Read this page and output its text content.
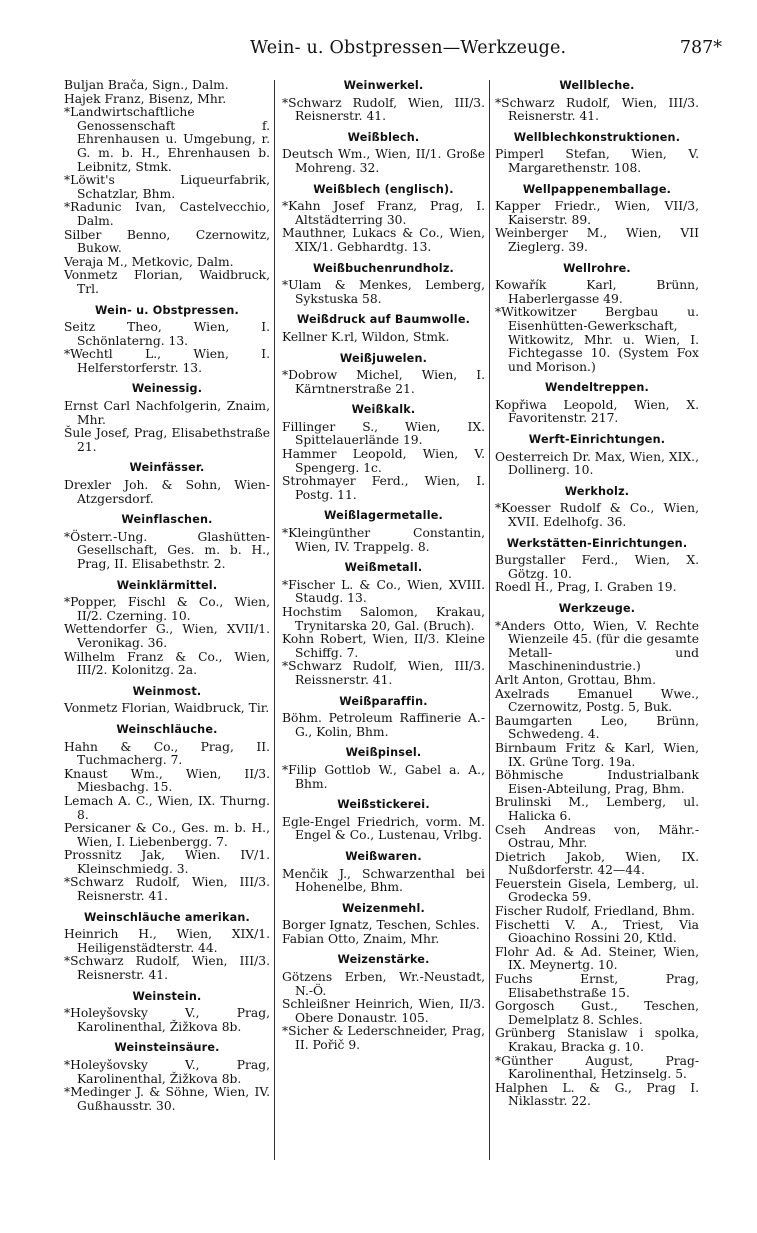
Wein- u. Obstpressen—Werkzeuge.	787*
Buljan Brača, Sign., Dalm.
Hajek Franz, Bisenz, Mhr.
*Landwirtschaftliche Genossenschaft f. Ehrenhausen u. Umgebung, r. G. m. b. H., Ehrenhausen b. Leibnitz, Stmk.
*Löwit's Liqueurfabrik, Schatzlar, Bhm.
*Radunic Ivan, Castelvecchio, Dalm.
Silber Benno, Czernowitz, Bukow.
Veraja M., Metkovic, Dalm.
Vonmetz Florian, Waidbruck, Trl.
Wein- u. Obstpressen.
Seitz Theo, Wien, I. Schönlaterng. 13.
*Wechtl L., Wien, I. Helferstorferstr. 13.
Weinessig.
Ernst Carl Nachfolgerin, Znaim, Mhr.
Šule Josef, Prag, Elisabethstraße 21.
Weinfässer.
Drexler Joh. & Sohn, Wien-Atzgersdorf.
Weinflaschen.
*Österr.-Ung. Glashütten-Gesellschaft, Ges. m. b. H., Prag, II. Elisabethstr. 2.
Weinklärmittel.
*Popper, Fischl & Co., Wien, II/2. Czerning. 10.
Wettendorfer G., Wien, XVII/1. Veronikag. 36.
Wilhelm Franz & Co., Wien, III/2. Kolonitzg. 2a.
Weinmost.
Vonmetz Florian, Waidbruck, Tir.
Weinschläuche.
Hahn & Co., Prag, II. Tuchmacherg. 7.
Knaust Wm., Wien, II/3. Miesbachg. 15.
Lemach A. C., Wien, IX. Thurng. 8.
Persicaner & Co., Ges. m. b. H., Wien, I. Liebenbergg. 7.
Prossnitz Jak, Wien. IV/1. Kleinschmiedg. 3.
*Schwarz Rudolf, Wien, III/3. Reisnerstr. 41.
Weinschläuche amerikan.
Heinrich H., Wien, XIX/1. Heiligenstädterstr. 44.
*Schwarz Rudolf, Wien, III/3. Reisnerstr. 41.
Weinstein.
*Holeyšovsky V., Prag, Karolinenthal, Žižkova 8b.
Weinsteinsäure.
*Holeyšovsky V., Prag, Karolinenthal, Žižkova 8b.
*Medinger J. & Söhne, Wien, IV. Gußhausstr. 30.
Weinwerkel.
*Schwarz Rudolf, Wien, III/3. Reisnerstr. 41.
Weißblech.
Deutsch Wm., Wien, II/1. Große Mohreng. 32.
Weißblech (englisch).
*Kahn Josef Franz, Prag, I. Altstädterring 30.
Mauthner, Lukacs & Co., Wien, XIX/1. Gebhardtg. 13.
Weißbuchenrundholz.
*Ulam & Menkes, Lemberg, Sykstuska 58.
Weißdruck auf Baumwolle.
Kellner K.rl, Wildon, Stmk.
Weißjuwelen.
*Dobrow Michel, Wien, I. Kärntnerstraße 21.
Weißkalk.
Fillinger S., Wien, IX. Spittelauerlände 19.
Hammer Leopold, Wien, V. Spengerg. 1c.
Strohmayer Ferd., Wien, I. Postg. 11.
Weißlagermetalle.
*Kleingünther Constantin, Wien, IV. Trappelg. 8.
Weißmetall.
*Fischer L. & Co., Wien, XVIII. Staudg. 13.
Hochstim Salomon, Krakau, Trynitarska 20, Gal. (Bruch).
Kohn Robert, Wien, II/3. Kleine Schiffg. 7.
*Schwarz Rudolf, Wien, III/3. Reissnerstr. 41.
Weißparaffin.
Böhm. Petroleum Raffinerie A.-G., Kolin, Bhm.
Weißpinsel.
*Filip Gottlob W., Gabel a. A., Bhm.
Weißstickerei.
Egle-Engel Friedrich, vorm. M. Engel & Co., Lustenau, Vrlbg.
Weißwaren.
Menčik J., Schwarzenthal bei Hohenelbe, Bhm.
Weizenmehl.
Borger Ignatz, Teschen, Schles.
Fabian Otto, Znaim, Mhr.
Weizenstärke.
Götzens Erben, Wr.-Neustadt, N.-Ö.
Schleißner Heinrich, Wien, II/3. Obere Donaustr. 105.
*Sicher & Lederschneider, Prag, II. Pořič 9.
Wellbleche.
*Schwarz Rudolf, Wien, III/3. Reisnerstr. 41.
Wellblechkonstruktionen.
Pimperl Stefan, Wien, V. Margarethenstr. 108.
Wellpappenemballage.
Kapper Friedr., Wien, VII/3, Kaiserstr. 89.
Weinberger M., Wien, VII Zieglerg. 39.
Wellrohre.
Kowařík Karl, Brünn, Haberlergasse 49.
*Witkowitzer Bergbau u. Eisenhütten-Gewerkschaft, Witkowitz, Mhr. u. Wien, I. Fichtegasse 10. (System Fox und Morison.)
Wendeltreppen.
Kopřiwa Leopold, Wien, X. Favoritenstr. 217.
Werft-Einrichtungen.
Oesterreich Dr. Max, Wien, XIX., Dollinerg. 10.
Werkholz.
*Koesser Rudolf & Co., Wien, XVII. Edelhofg. 36.
Werkstätten-Einrichtungen.
Burgstaller Ferd., Wien, X. Götzg. 10.
Roedl H., Prag, I. Graben 19.
Werkzeuge.
*Anders Otto, Wien, V. Rechte Wienzeile 45. (für die gesamte Metall- und Maschinenindustrie.)
Arlt Anton, Grottau, Bhm.
Axelrads Emanuel Wwe., Czernowitz, Postg. 5, Buk.
Baumgarten Leo, Brünn, Schwedeng. 4.
Birnbaum Fritz & Karl, Wien, IX. Grüne Torg. 19a.
Böhmische Industrialbank Eisen-Abteilung, Prag, Bhm.
Brulinski M., Lemberg, ul. Halicka 6.
Cseh Andreas von, Mähr.-Ostrau, Mhr.
Dietrich Jakob, Wien, IX. Nußdorferstr. 42—44.
Feuerstein Gisela, Lemberg, ul. Grodecka 59.
Fischer Rudolf, Friedland, Bhm.
Fischetti V. A., Triest, Via Gioachino Rossini 20, Ktld.
Flohr Ad. & Ad. Steiner, Wien, IX. Meynertg. 10.
Fuchs Ernst, Prag, Elisabethstraße 15.
Gorgosch Gust., Teschen, Demelplatz 8. Schles.
Grünberg Stanislaw i spolka, Krakau, Bracka g. 10.
*Günther August, Prag-Karolinenthal, Hetzinselg. 5.
Halphen L. & G., Prag I. Niklasstr. 22.
